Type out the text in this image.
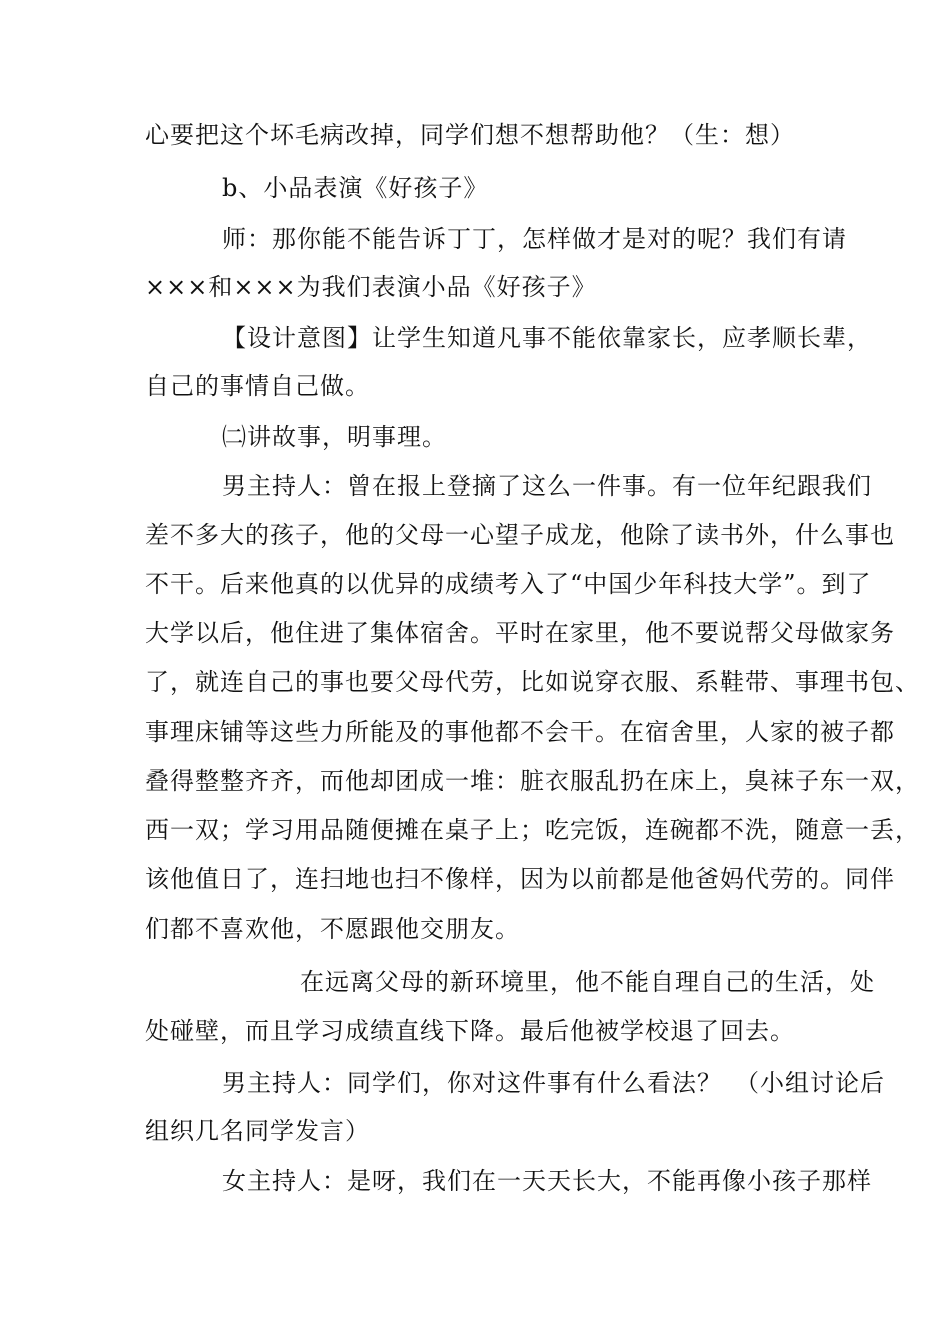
心要把这个坏毛病改掉，同学们想不想帮助他？（生：想）
b、小品表演《好孩子》
师：那你能不能告诉丁丁，怎样做才是对的呢？我们有请
×××和×××为我们表演小品《好孩子》
【设计意图】让学生知道凡事不能依靠家长，应孝顺长辈，
自己的事情自己做。
㈡讲故事，明事理。
男主持人：曾在报上登摘了这么一件事。有一位年纪跟我们
差不多大的孩子，他的父母一心望子成龙，他除了读书外，什么事也
不干。后来他真的以优异的成绩考入了“中国少年科技大学”。到了
大学以后，他住进了集体宿舍。平时在家里，他不要说帮父母做家务
了，就连自己的事也要父母代劳，比如说穿衣服、系鞋带、事理书包、
事理床铺等这些力所能及的事他都不会干。在宿舍里，人家的被子都
叠得整整齐齐，而他却团成一堆：脏衣服乱扔在床上，臭袜子东一双，
西一双；学习用品随便摊在桌子上；吃完饭，连碗都不洗，随意一丢，
该他值日了，连扫地也扫不像样，因为以前都是他爸妈代劳的。同伴
们都不喜欢他，不愿跟他交朋友。
在远离父母的新环境里，他不能自理自己的生活，处
处碰壁，而且学习成绩直线下降。最后他被学校退了回去。
男主持人：同学们，你对这件事有什么看法？　（小组讨论后
组织几名同学发言）
女主持人：是呀，我们在一天天长大，不能再像小孩子那样
